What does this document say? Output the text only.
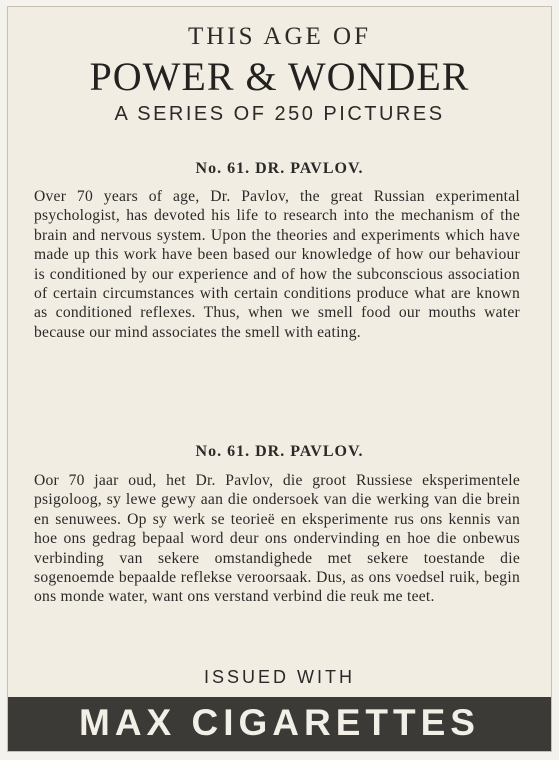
THIS AGE OF
POWER & WONDER
A SERIES OF 250 PICTURES
No. 61. DR. PAVLOV.
Over 70 years of age, Dr. Pavlov, the great Russian experimental psychologist, has devoted his life to research into the mechanism of the brain and nervous system. Upon the theories and experiments which have made up this work have been based our knowledge of how our behaviour is conditioned by our experience and of how the subconscious association of certain circumstances with certain conditions produce what are known as conditioned reflexes. Thus, when we smell food our mouths water because our mind associates the smell with eating.
No. 61. DR. PAVLOV.
Oor 70 jaar oud, het Dr. Pavlov, die groot Russiese eksperimentele psigoloog, sy lewe gewy aan die ondersoek van die werking van die brein en senuwees. Op sy werk se teorieë en eksperimente rus ons kennis van hoe ons gedrag bepaal word deur ons ondervinding en hoe die onbewus verbinding van sekere omstandighede met sekere toestande die sogenoemde bepaalde reflekse veroorsaak. Dus, as ons voedsel ruik, begin ons monde water, want ons verstand verbind die reuk me teet.
ISSUED WITH
MAX CIGARETTES
